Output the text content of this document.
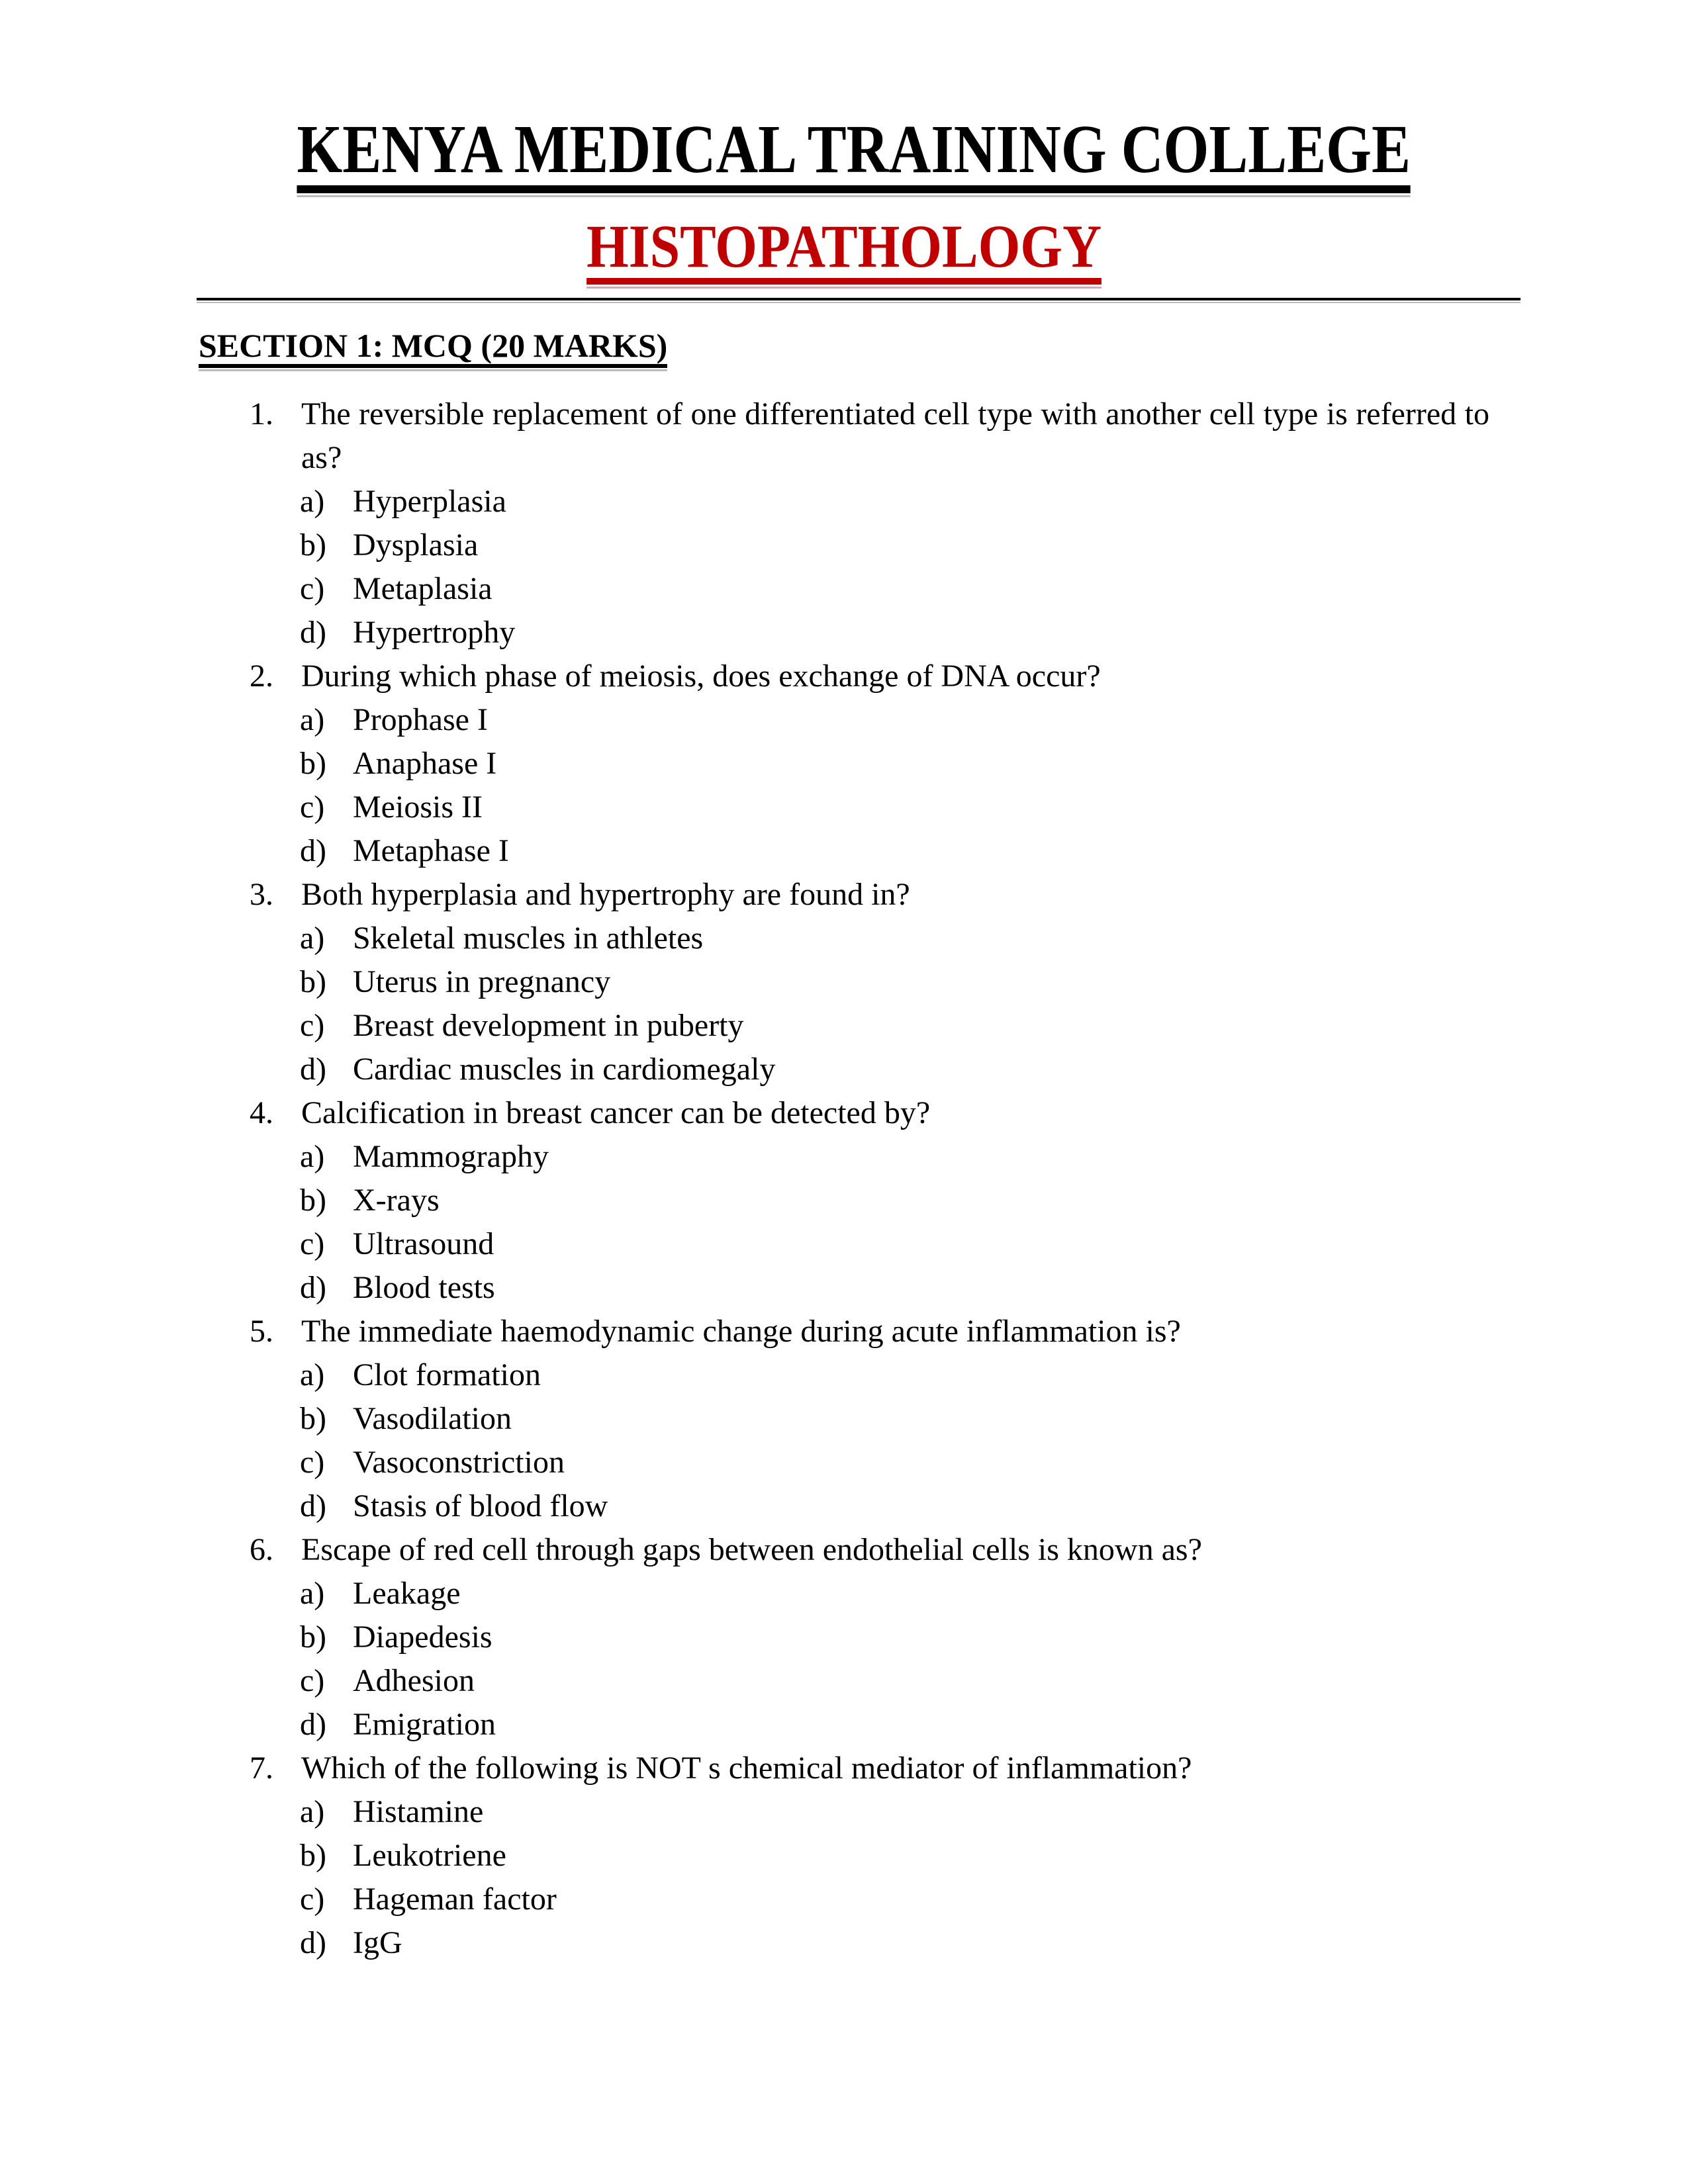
KENYA MEDICAL TRAINING COLLEGE
HISTOPATHOLOGY
SECTION 1: MCQ (20 MARKS)
1. The reversible replacement of one differentiated cell type with another cell type is referred to as?
a) Hyperplasia
b) Dysplasia
c) Metaplasia
d) Hypertrophy
2. During which phase of meiosis, does exchange of DNA occur?
a) Prophase I
b) Anaphase I
c) Meiosis II
d) Metaphase I
3. Both hyperplasia and hypertrophy are found in?
a) Skeletal muscles in athletes
b) Uterus in pregnancy
c) Breast development in puberty
d) Cardiac muscles in cardiomegaly
4. Calcification in breast cancer can be detected by?
a) Mammography
b) X-rays
c) Ultrasound
d) Blood tests
5. The immediate haemodynamic change during acute inflammation is?
a) Clot formation
b) Vasodilation
c) Vasoconstriction
d) Stasis of blood flow
6. Escape of red cell through gaps between endothelial cells is known as?
a) Leakage
b) Diapedesis
c) Adhesion
d) Emigration
7. Which of the following is NOT s chemical mediator of inflammation?
a) Histamine
b) Leukotriene
c) Hageman factor
d) IgG
